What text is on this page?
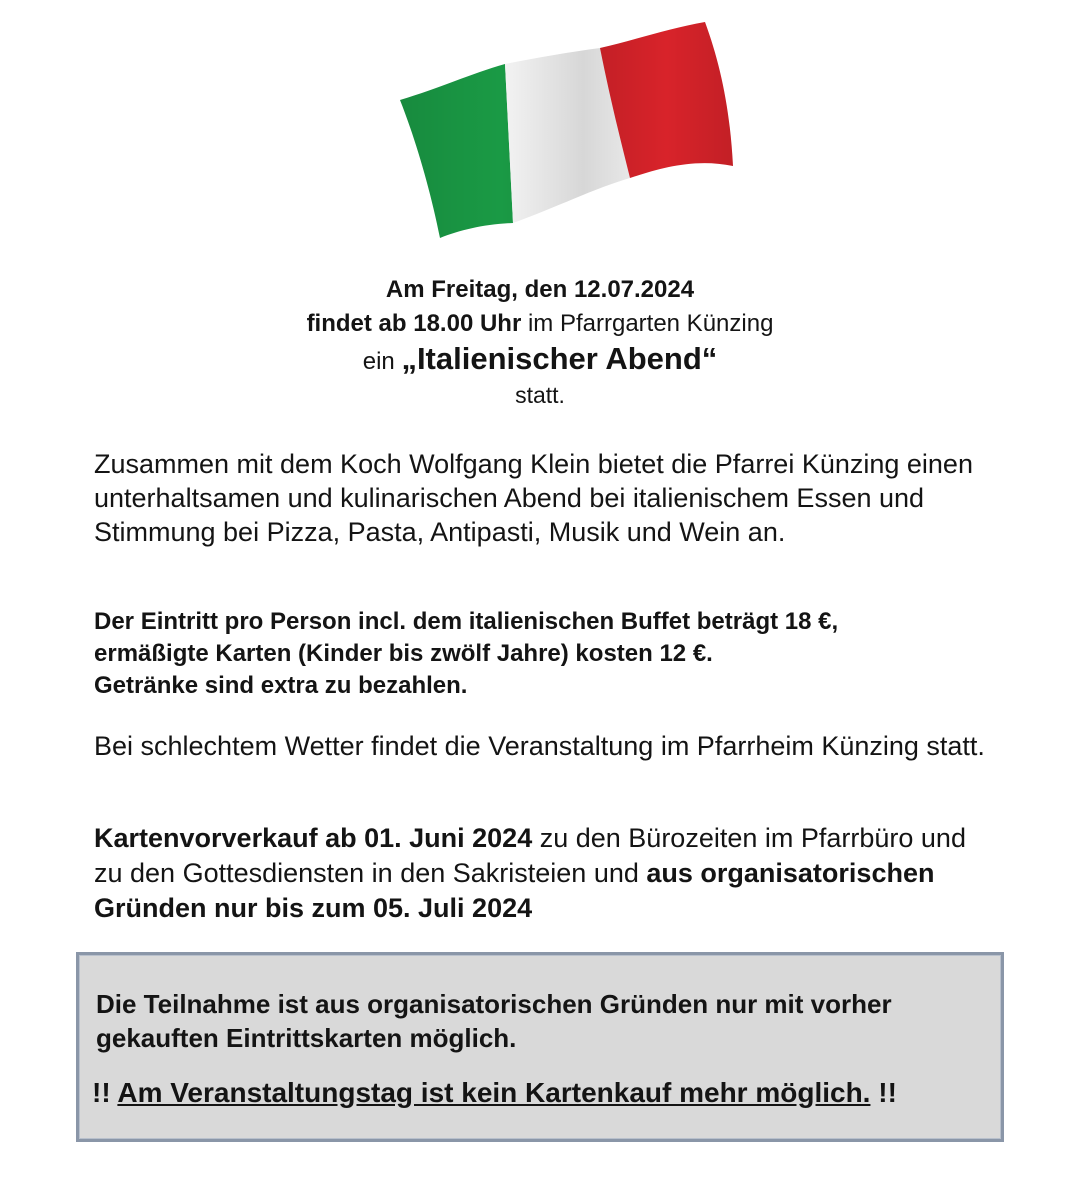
Am Freitag, den 12.07.2024
findet ab 18.00 Uhr im Pfarrgarten Künzing
ein „Italienischer Abend“
statt.
Zusammen mit dem Koch Wolfgang Klein bietet die Pfarrei Künzing einen unterhaltsamen und kulinarischen Abend bei italienischem Essen und Stimmung bei Pizza, Pasta, Antipasti, Musik und Wein an.
Der Eintritt pro Person incl. dem italienischen Buffet beträgt 18 €,
ermäßigte Karten (Kinder bis zwölf Jahre) kosten 12 €.
Getränke sind extra zu bezahlen.
Bei schlechtem Wetter findet die Veranstaltung im Pfarrheim Künzing statt.
Kartenvorverkauf ab 01. Juni 2024 zu den Bürozeiten im Pfarrbüro und zu den Gottesdiensten in den Sakristeien und aus organisatorischen Gründen nur bis zum 05. Juli 2024
Die Teilnahme ist aus organisatorischen Gründen nur mit vorher gekauften Eintrittskarten möglich.
!! Am Veranstaltungstag ist kein Kartenkauf mehr möglich. !!
